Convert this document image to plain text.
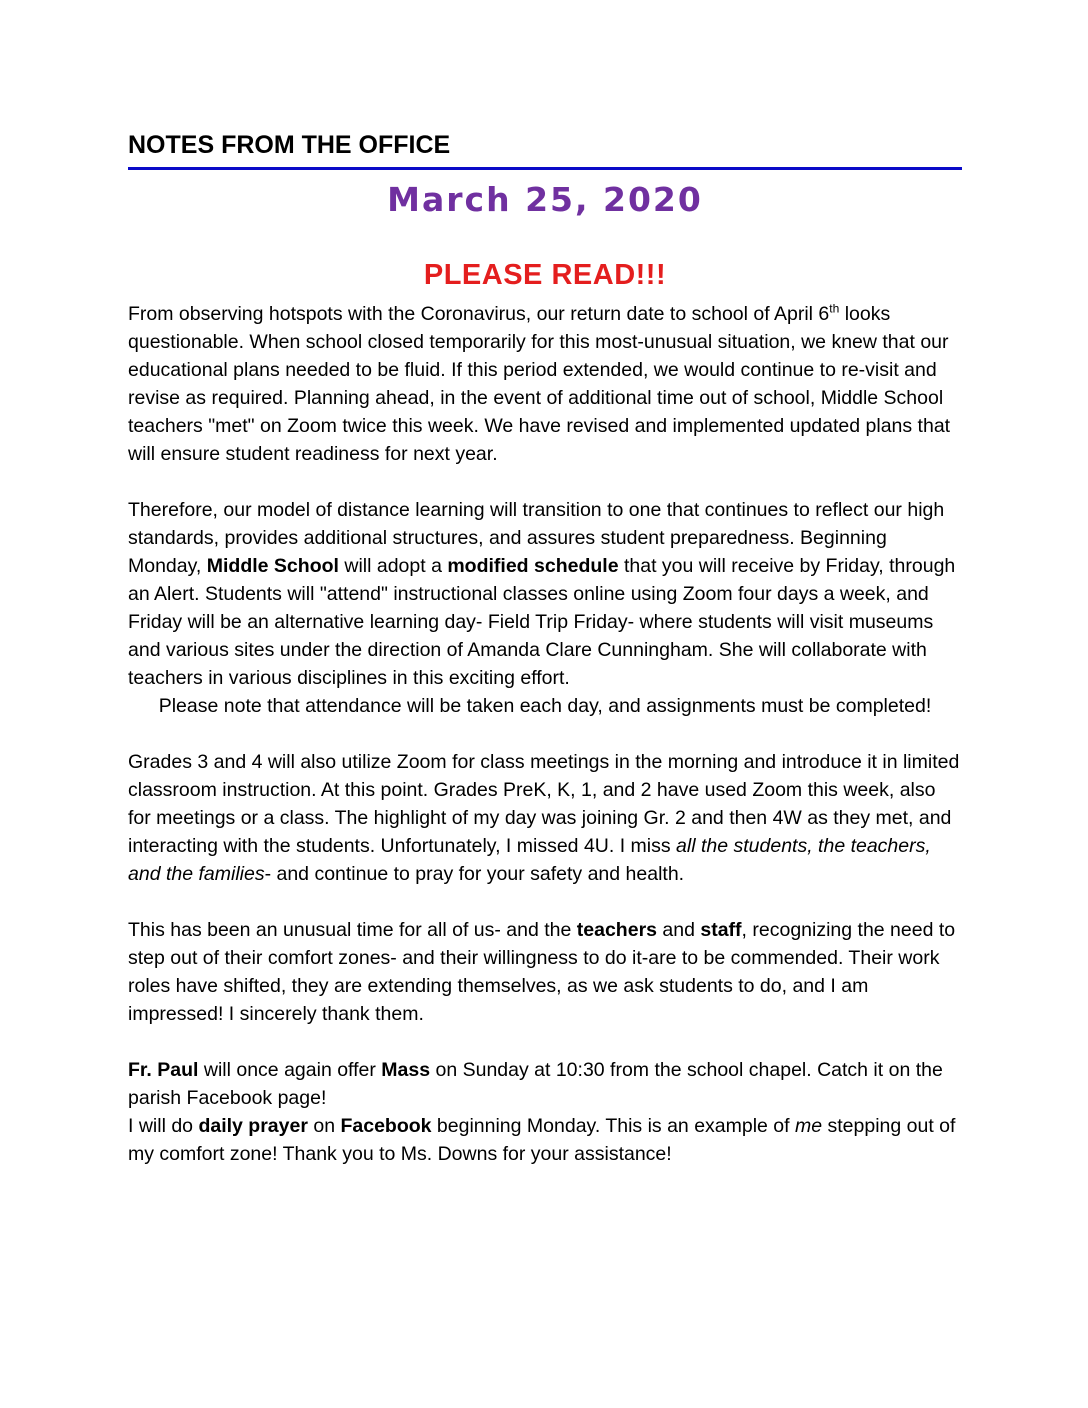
NOTES FROM THE OFFICE
March 25, 2020
PLEASE READ!!!
From observing hotspots with the Coronavirus, our return date to school of April 6th looks questionable. When school closed temporarily for this most-unusual situation, we knew that our educational plans needed to be fluid. If this period extended, we would continue to re-visit and revise as required. Planning ahead, in the event of additional time out of school, Middle School teachers "met" on Zoom twice this week. We have revised and implemented updated plans that will ensure student readiness for next year.
Therefore, our model of distance learning will transition to one that continues to reflect our high standards, provides additional structures, and assures student preparedness. Beginning Monday, Middle School will adopt a modified schedule that you will receive by Friday, through an Alert. Students will "attend" instructional classes online using Zoom four days a week, and Friday will be an alternative learning day- Field Trip Friday- where students will visit museums and various sites under the direction of Amanda Clare Cunningham. She will collaborate with teachers in various disciplines in this exciting effort.
Please note that attendance will be taken each day, and assignments must be completed!
Grades 3 and 4 will also utilize Zoom for class meetings in the morning and introduce it in limited classroom instruction. At this point. Grades PreK, K, 1, and 2 have used Zoom this week, also for meetings or a class. The highlight of my day was joining Gr. 2 and then 4W as they met, and interacting with the students. Unfortunately, I missed 4U. I miss all the students, the teachers, and the families- and continue to pray for your safety and health.
This has been an unusual time for all of us- and the teachers and staff, recognizing the need to step out of their comfort zones- and their willingness to do it-are to be commended. Their work roles have shifted, they are extending themselves, as we ask students to do, and I am impressed! I sincerely thank them.
Fr. Paul will once again offer Mass on Sunday at 10:30 from the school chapel. Catch it on the parish Facebook page!
I will do daily prayer on Facebook beginning Monday. This is an example of me stepping out of my comfort zone! Thank you to Ms. Downs for your assistance!
